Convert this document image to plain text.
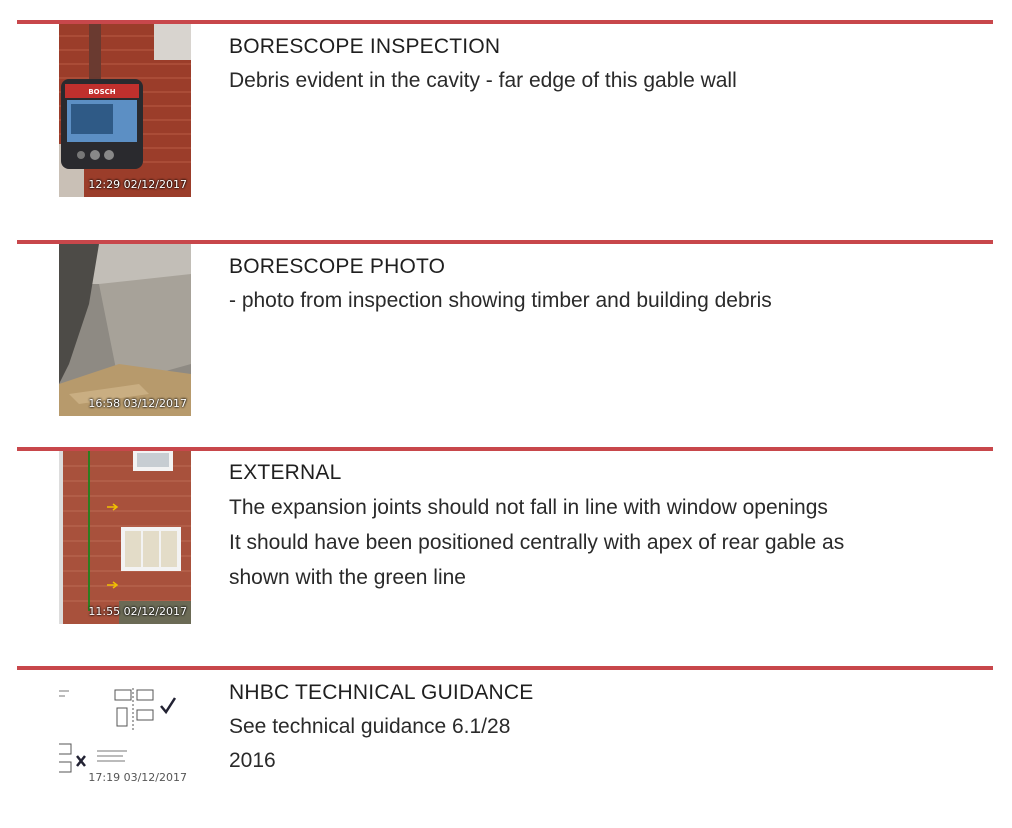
BOSCH
12:29 02/12/2017
BORESCOPE INSPECTION
Debris evident in the cavity - far edge of this gable wall
16:58 03/12/2017
BORESCOPE PHOTO
- photo from inspection showing timber and building debris
11:55 02/12/2017
EXTERNAL
The expansion joints should not fall in line with window openings
It should have been positioned centrally with apex of rear gable as
shown with the green line
17:19 03/12/2017
NHBC TECHNICAL GUIDANCE
See technical guidance 6.1/28
2016
